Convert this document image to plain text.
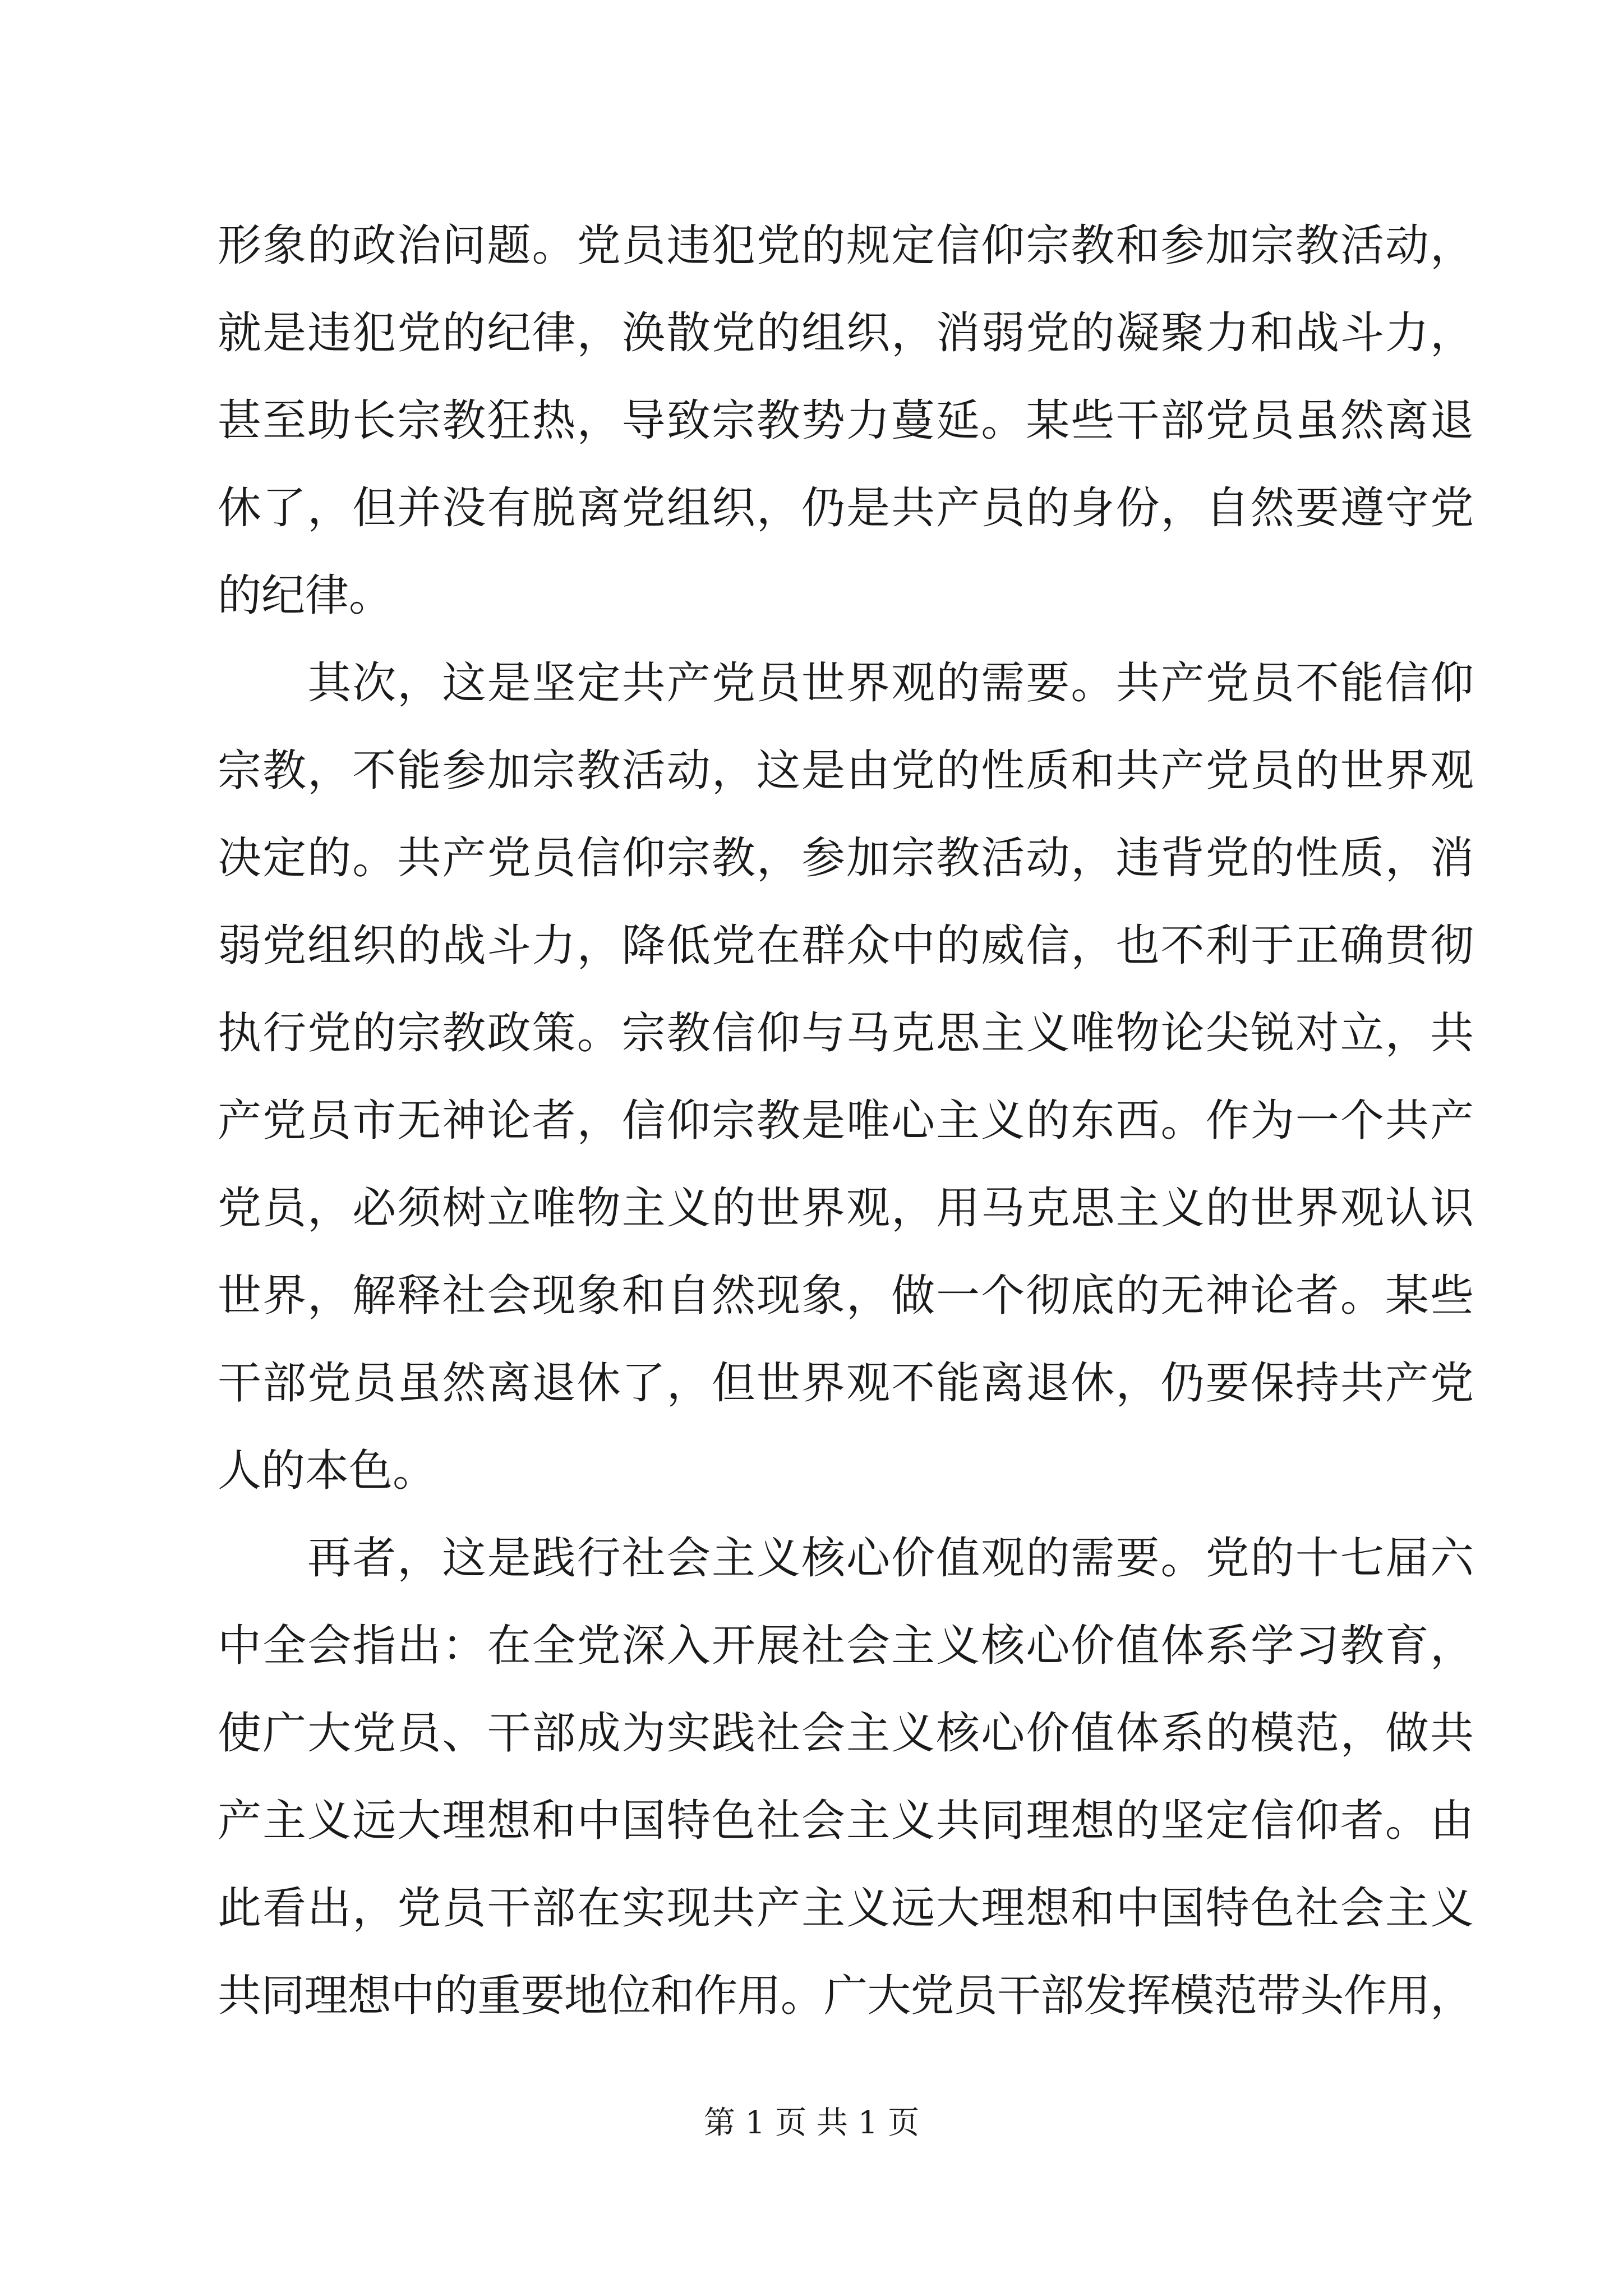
形象的政治问题。党员违犯党的规定信仰宗教和参加宗教活动，
就是违犯党的纪律，涣散党的组织，消弱党的凝聚力和战斗力，
甚至助长宗教狂热，导致宗教势力蔓延。某些干部党员虽然离退
休了，但并没有脱离党组织，仍是共产员的身份，自然要遵守党
的纪律。
　　其次，这是坚定共产党员世界观的需要。共产党员不能信仰
宗教，不能参加宗教活动，这是由党的性质和共产党员的世界观
决定的。共产党员信仰宗教，参加宗教活动，违背党的性质，消
弱党组织的战斗力，降低党在群众中的威信，也不利于正确贯彻
执行党的宗教政策。宗教信仰与马克思主义唯物论尖锐对立，共
产党员市无神论者，信仰宗教是唯心主义的东西。作为一个共产
党员，必须树立唯物主义的世界观，用马克思主义的世界观认识
世界，解释社会现象和自然现象，做一个彻底的无神论者。某些
干部党员虽然离退休了，但世界观不能离退休，仍要保持共产党
人的本色。
　　再者，这是践行社会主义核心价值观的需要。党的十七届六
中全会指出：在全党深入开展社会主义核心价值体系学习教育，
使广大党员、干部成为实践社会主义核心价值体系的模范，做共
产主义远大理想和中国特色社会主义共同理想的坚定信仰者。由
此看出，党员干部在实现共产主义远大理想和中国特色社会主义
共同理想中的重要地位和作用。广大党员干部发挥模范带头作用，
第 1 页 共 1 页
